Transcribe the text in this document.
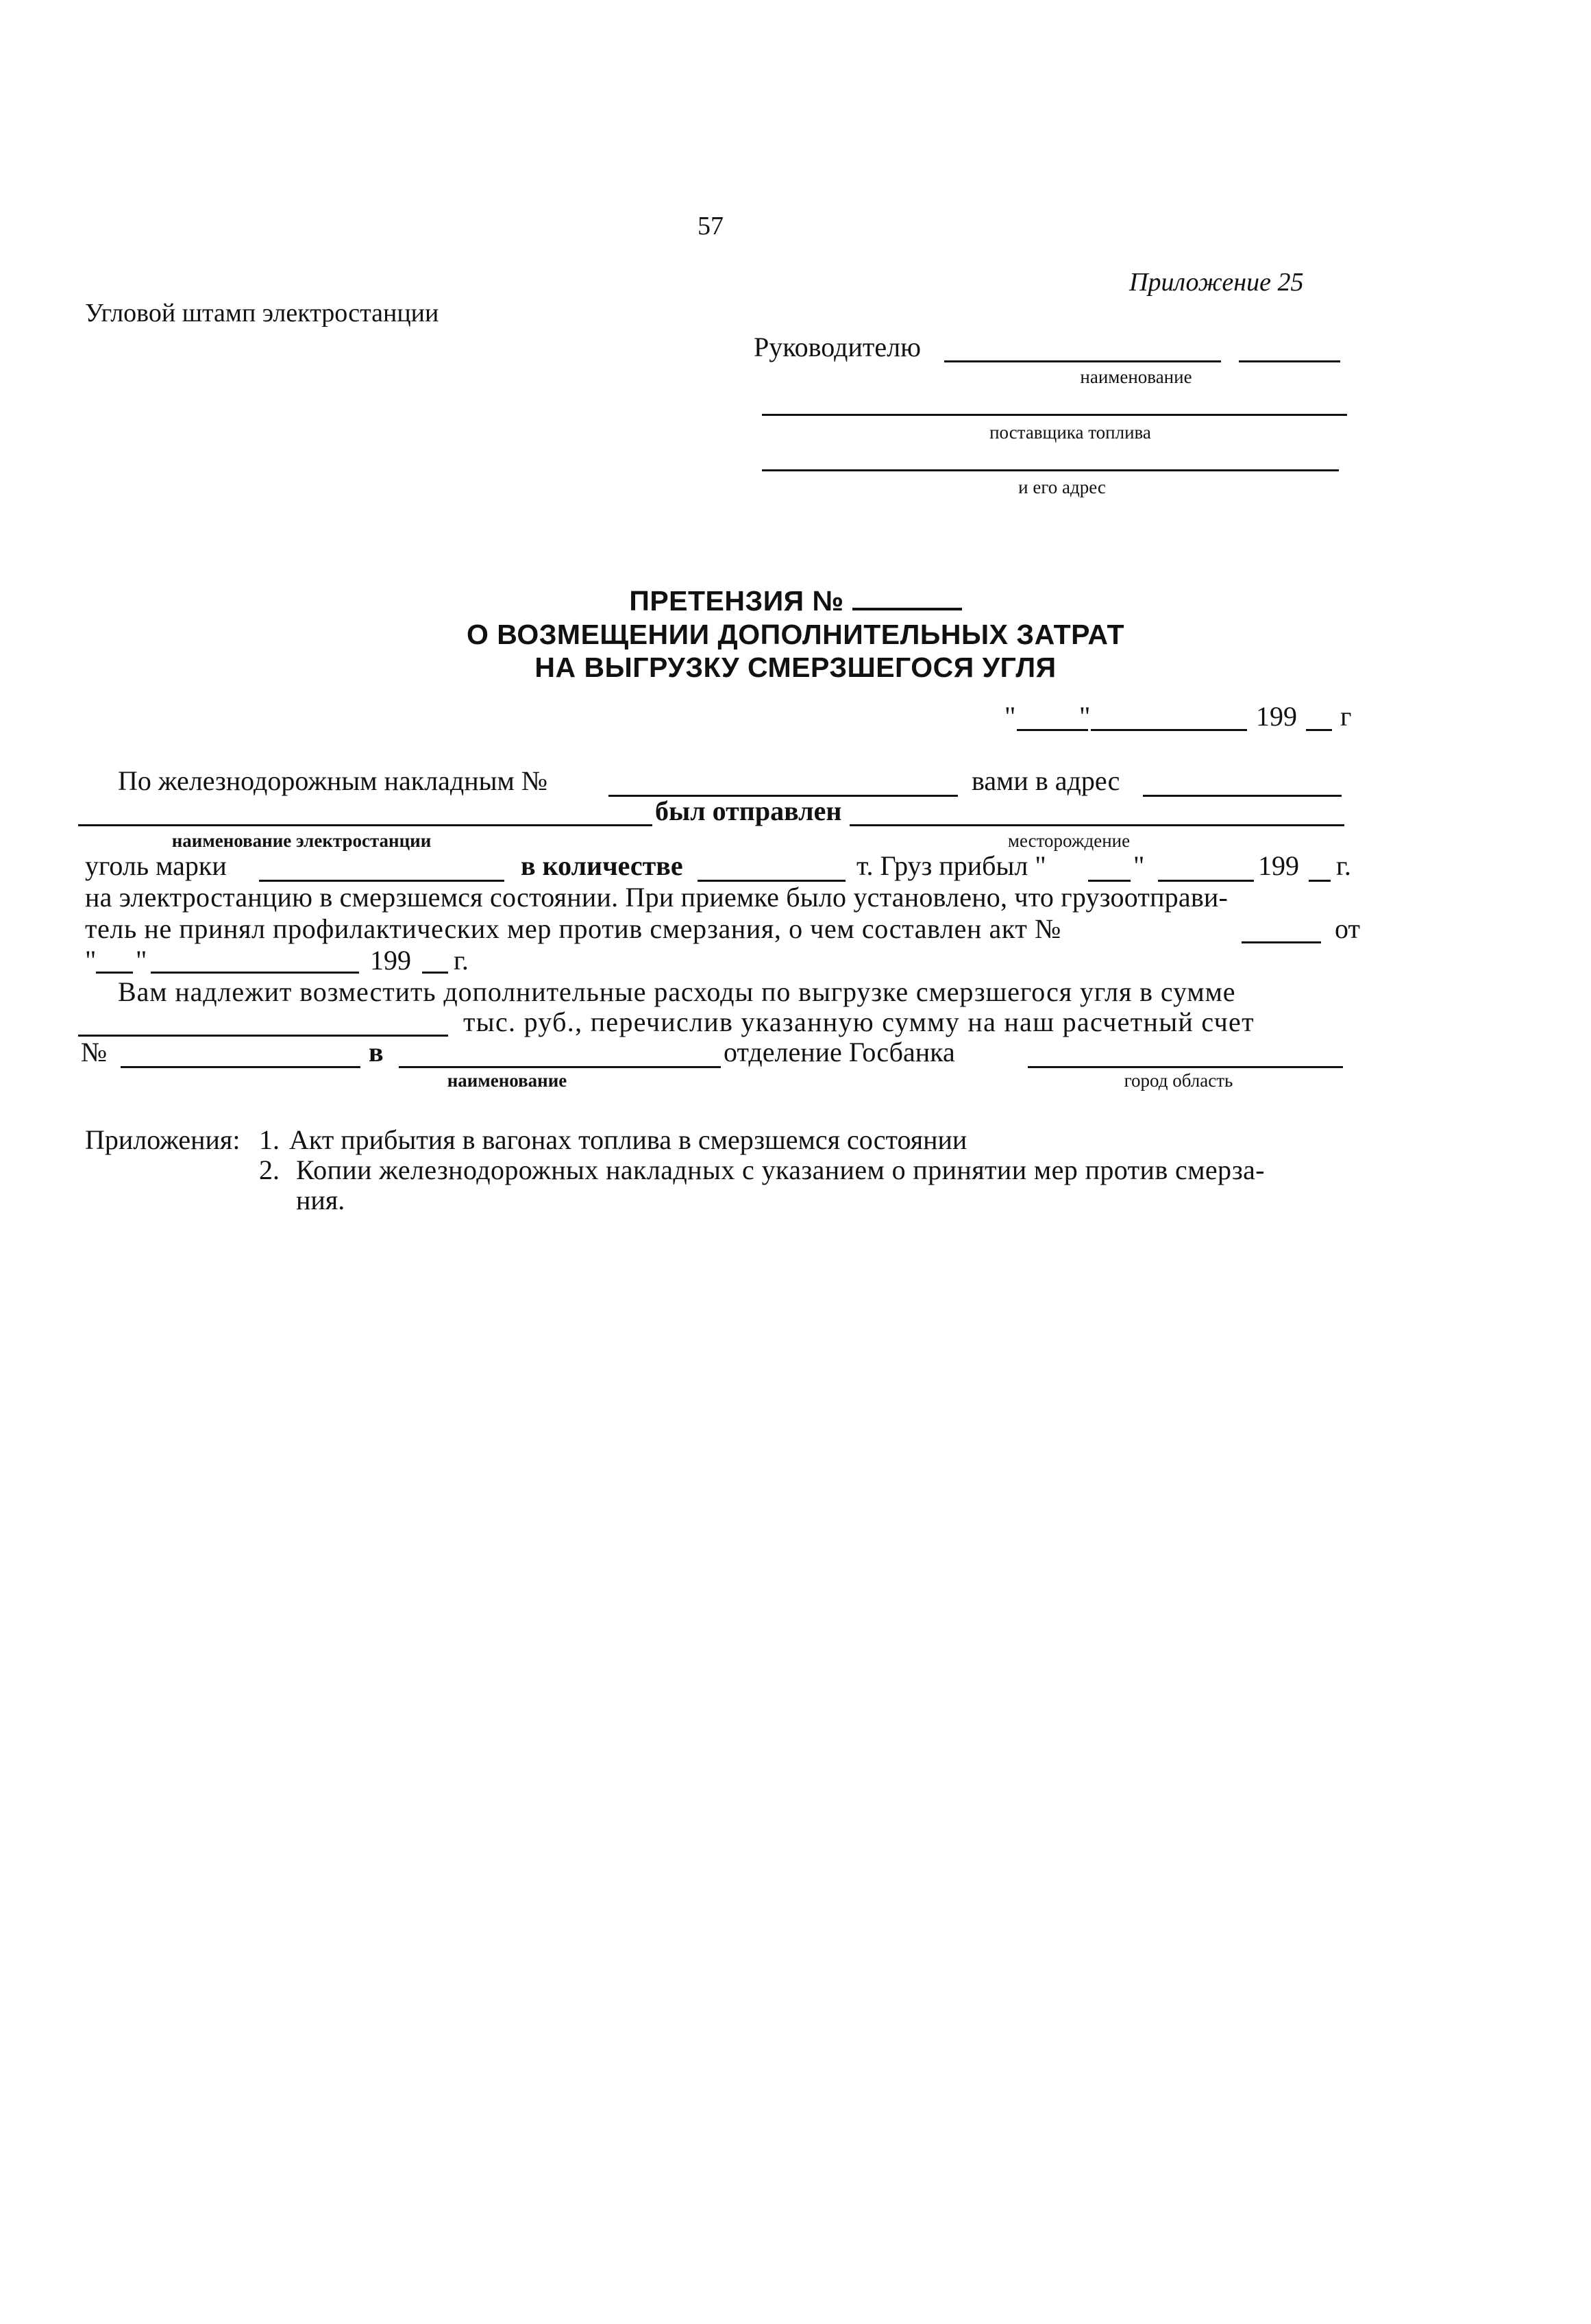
57
Приложение 25
Угловой штамп электростанции
Руководителю
наименование
поставщика топлива
и его адрес
ПРЕТЕНЗИЯ №
О ВОЗМЕЩЕНИИ ДОПОЛНИТЕЛЬНЫХ ЗАТРАТ
НА ВЫГРУЗКУ СМЕРЗШЕГОСЯ УГЛЯ
" "	199 г
По железнодорожным накладным №	вами в адрес
был отправлен
наименование электростанции	месторождение
уголь марки	в количестве	т. Груз прибыл "	"	199 г.
на электростанцию в смерзшемся состоянии. При приемке было установлено, что грузоотправи-
тель не принял профилактических мер против смерзания, о чем составлен акт №	от
" "	199 г.
Вам надлежит возместить дополнительные расходы по выгрузке смерзшегося угля в сумме
тыс. руб., перечислив указанную сумму на наш расчетный счет
№	в	отделение Госбанка
наименование	город область
Приложения: 1. Акт прибытия в вагонах топлива в смерзшемся состоянии
2. Копии железнодорожных накладных с указанием о принятии мер против смерза-
ния.
